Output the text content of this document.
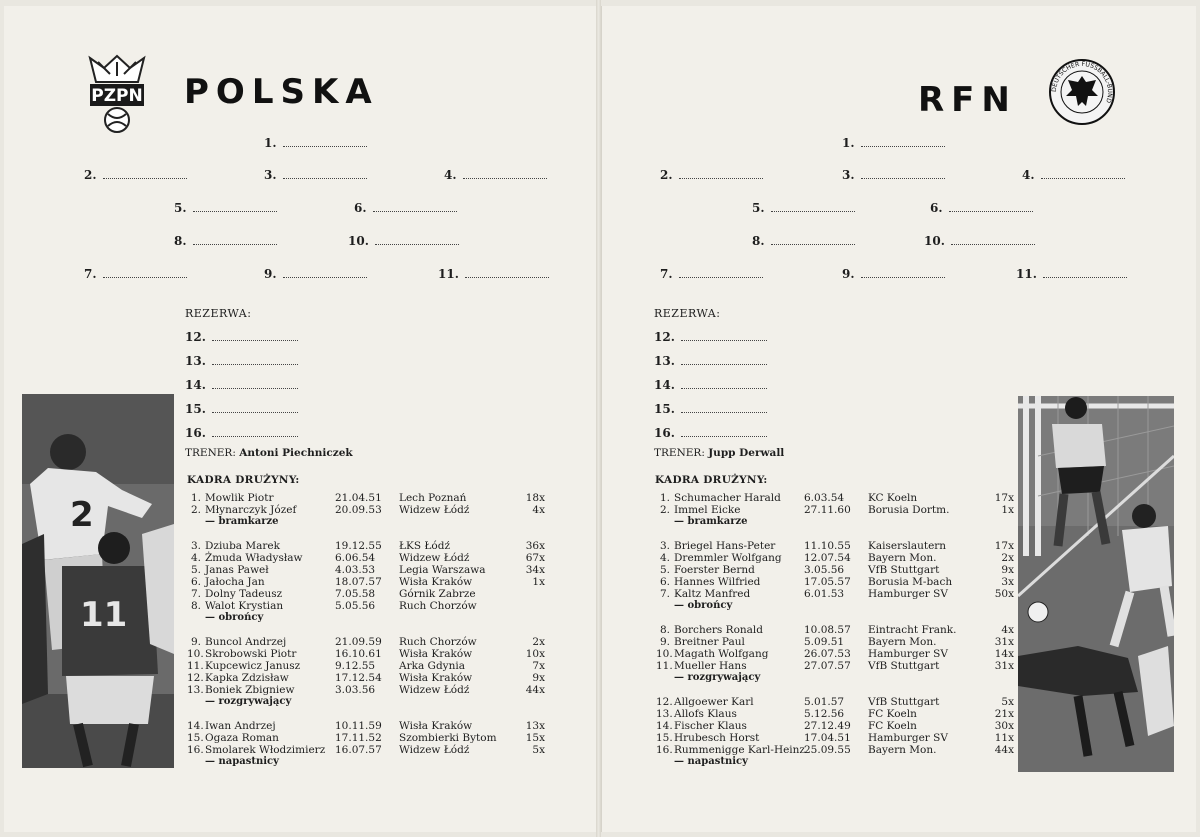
PZPN POLSKA
1.
2.	3.	4.
5.	6.
8.	10.
7.	9.	11.
REZERWA:
12.
13.
14.
15.
16.
TRENER: Antoni Piechniczek
KADRA DRUŻYNY:
2
11
1. Mowlik Piotr	21.04.51 Lech Poznań	18x
2. Młynarczyk Józef	20.09.53 Widzew Łódź	4x
— bramkarze
3. Dziuba Marek	19.12.55 ŁKS Łódź	36x
4. Żmuda Władysław	6.06.54 Widzew Łódź	67x
5. Janas Paweł	4.03.53 Legia Warszawa	34x
6. Jałocha Jan	18.07.57 Wisła Kraków	1x
7. Dolny Tadeusz	7.05.58 Górnik Zabrze
8. Walot Krystian	5.05.56 Ruch Chorzów
— obrońcy
9. Buncol Andrzej	21.09.59 Ruch Chorzów	2x
10. Skrobowski Piotr	16.10.61 Wisła Kraków	10x
11. Kupcewicz Janusz	9.12.55 Arka Gdynia	7x
12. Kapka Zdzisław	17.12.54 Wisła Kraków	9x
13. Boniek Zbigniew	3.03.56 Widzew Łódź	44x
— rozgrywający
14. Iwan Andrzej	10.11.59 Wisła Kraków	13x
15. Ogaza Roman	17.11.52 Szombierki Bytom	15x
16. Smolarek Włodzimierz 16.07.57 Widzew Łódź	5x
— napastnicy
RFN	DEUTSCHER FUSSBALL-BUND
1.
2.	3.	4.
5.	6.
8.	10.
7.	9.	11.
REZERWA:
12.
13.
14.
15.
16.
TRENER: Jupp Derwall
KADRA DRUŻYNY:
1. Schumacher Harald 6.03.54 KC Koeln	17x
2. Immel Eicke	27.11.60 Borusia Dortm.	1x
— bramkarze
3. Briegel Hans-Peter	11.10.55 Kaiserslautern	17x
4. Dremmler Wolfgang 12.07.54 Bayern Mon.	2x
5. Foerster Bernd	3.05.56 VfB Stuttgart	9x
6. Hannes Wilfried	17.05.57 Borusia M-bach	3x
7. Kaltz Manfred	6.01.53 Hamburger SV	50x
— obrońcy
8. Borchers Ronald	10.08.57 Eintracht Frank.	4x
9. Breitner Paul	5.09.51 Bayern Mon.	31x
10. Magath Wolfgang	26.07.53 Hamburger SV	14x
11. Mueller Hans	27.07.57 VfB Stuttgart	31x
— rozgrywający
12. Allgoewer Karl	5.01.57 VfB Stuttgart	5x
13. Allofs Klaus	5.12.56 FC Koeln	21x
14. Fischer Klaus	27.12.49 FC Koeln	30x
15. Hrubesch Horst	17.04.51 Hamburger SV	11x
16. Rummenigge Karl-Heinz 25.09.55 Bayern Mon.	44x
— napastnicy
